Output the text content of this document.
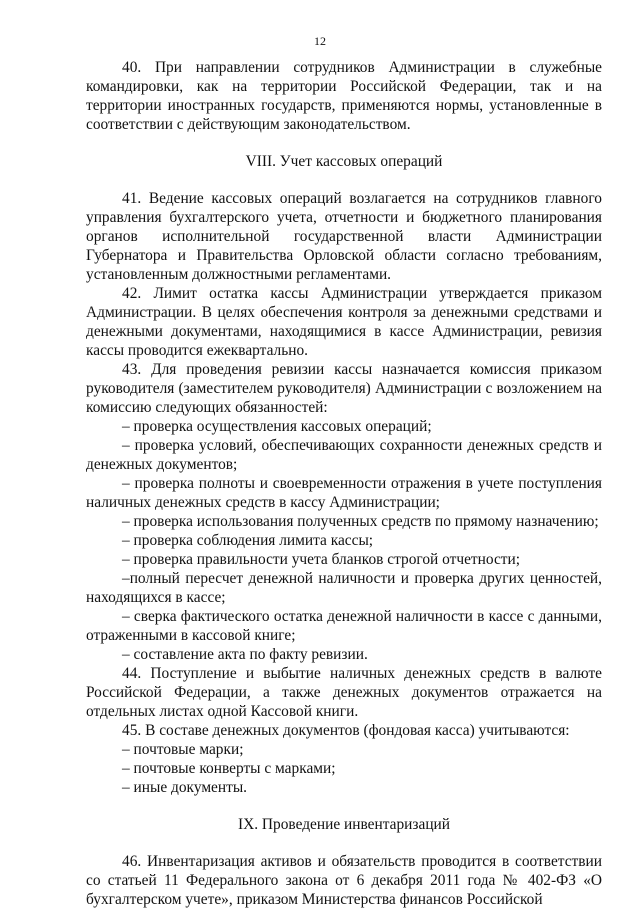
12

40. При направлении сотрудников Администрации в служебные командировки, как на территории Российской Федерации, так и на территории иностранных государств, применяются нормы, установленные в соответствии с действующим законодательством.

VIII. Учет кассовых операций

41. Ведение кассовых операций возлагается на сотрудников главного управления бухгалтерского учета, отчетности и бюджетного планирования органов исполнительной государственной власти Администрации Губернатора и Правительства Орловской области согласно требованиям, установленным должностными регламентами.

42. Лимит остатка кассы Администрации утверждается приказом Администрации. В целях обеспечения контроля за денежными средствами и денежными документами, находящимися в кассе Администрации, ревизия кассы проводится ежеквартально.

43. Для проведения ревизии кассы назначается комиссия приказом руководителя (заместителем руководителя) Администрации с возложением на комиссию следующих обязанностей:

– проверка осуществления кассовых операций;

– проверка условий, обеспечивающих сохранности денежных средств и денежных документов;

– проверка полноты и своевременности отражения в учете поступления наличных денежных средств в кассу Администрации;

– проверка использования полученных средств по прямому назначению;

– проверка соблюдения лимита кассы;

– проверка правильности учета бланков строгой отчетности;

–полный пересчет денежной наличности и проверка других ценностей, находящихся в кассе;

– сверка фактического остатка денежной наличности в кассе с данными, отраженными в кассовой книге;

– составление акта по факту ревизии.

44. Поступление и выбытие наличных денежных средств в валюте Российской Федерации, а также денежных документов отражается на отдельных листах одной Кассовой книги.

45. В составе денежных документов (фондовая касса) учитываются:

– почтовые марки;

– почтовые конверты с марками;

– иные документы.

IX. Проведение инвентаризаций

46. Инвентаризация активов и обязательств проводится в соответствии со статьей 11 Федерального закона от 6 декабря 2011 года № 402-ФЗ «О бухгалтерском учете», приказом Министерства финансов Российской
